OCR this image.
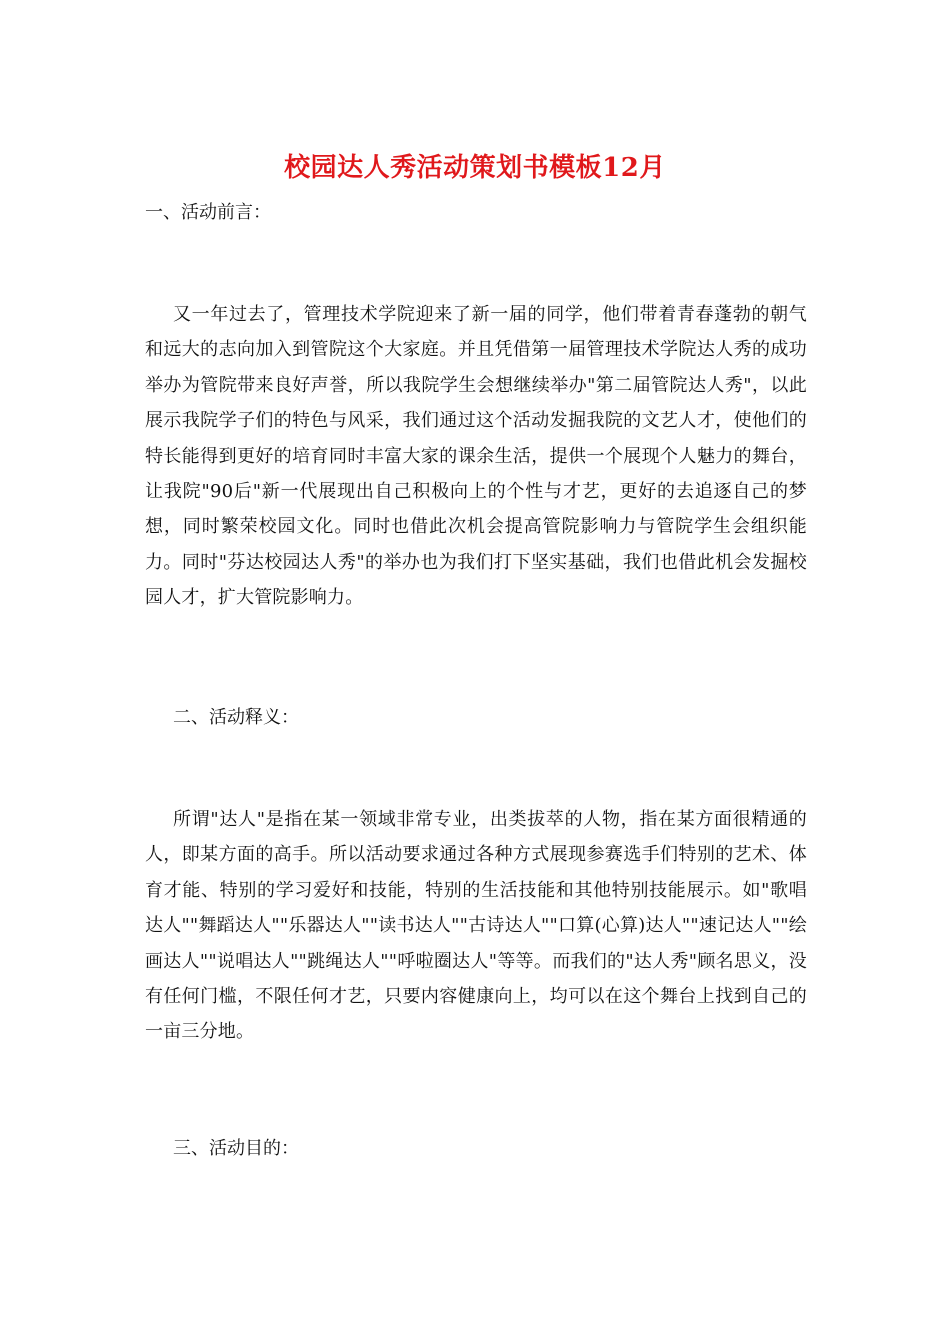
校园达人秀活动策划书模板12月
一、活动前言：

又一年过去了，管理技术学院迎来了新一届的同学，他们带着青春蓬勃的朝气和远大的志向加入到管院这个大家庭。并且凭借第一届管理技术学院达人秀的成功举办为管院带来良好声誉，所以我院学生会想继续举办"第二届管院达人秀"，以此展示我院学子们的特色与风采，我们通过这个活动发掘我院的文艺人才，使他们的特长能得到更好的培育同时丰富大家的课余生活，提供一个展现个人魅力的舞台，让我院"90后"新一代展现出自己积极向上的个性与才艺，更好的去追逐自己的梦想，同时繁荣校园文化。同时也借此次机会提高管院影响力与管院学生会组织能力。同时"芬达校园达人秀"的举办也为我们打下坚实基础，我们也借此机会发掘校园人才，扩大管院影响力。

二、活动释义：

所谓"达人"是指在某一领域非常专业，出类拔萃的人物，指在某方面很精通的人，即某方面的高手。所以活动要求通过各种方式展现参赛选手们特别的艺术、体育才能、特别的学习爱好和技能，特别的生活技能和其他特别技能展示。如"歌唱达人""舞蹈达人""乐器达人""读书达人""古诗达人""口算(心算)达人""速记达人""绘画达人""说唱达人""跳绳达人""呼啦圈达人"等等。而我们的"达人秀"顾名思义，没有任何门槛，不限任何才艺，只要内容健康向上，均可以在这个舞台上找到自己的一亩三分地。

三、活动目的：
